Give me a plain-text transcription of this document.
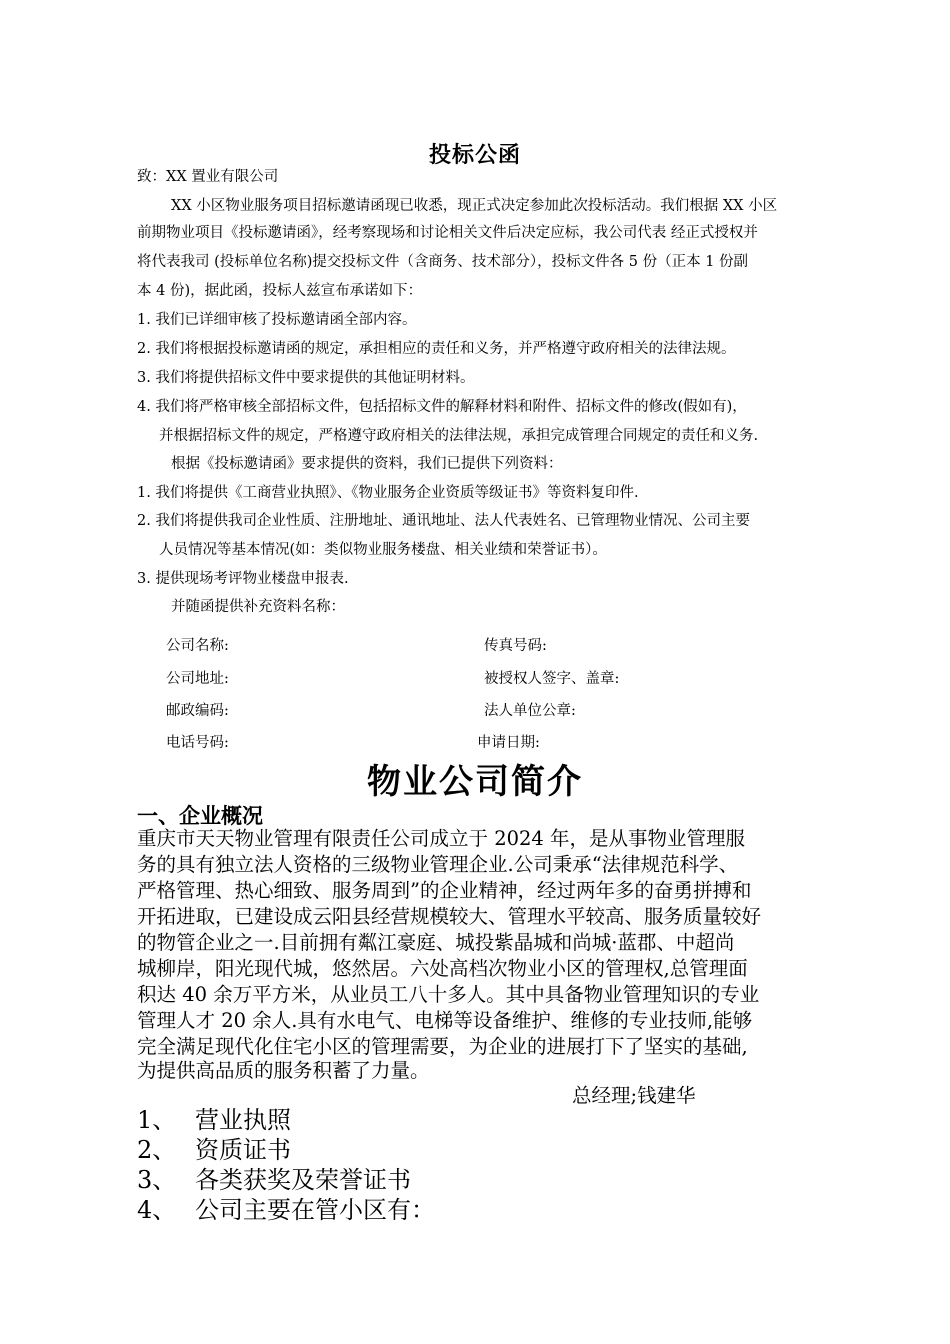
投标公函
致：XX 置业有限公司
XX 小区物业服务项目招标邀请函现已收悉，现正式决定参加此次投标活动。我们根据 XX 小区
前期物业项目《投标邀请函》，经考察现场和讨论相关文件后决定应标，我公司代表 经正式授权并
将代表我司 (投标单位名称)提交投标文件（含商务、技术部分），投标文件各 5 份（正本 1 份副
本 4 份)，据此函，投标人兹宣布承诺如下：
1. 我们已详细审核了投标邀请函全部内容。
2. 我们将根据投标邀请函的规定，承担相应的责任和义务，并严格遵守政府相关的法律法规。
3. 我们将提供招标文件中要求提供的其他证明材料。
4. 我们将严格审核全部招标文件，包括招标文件的解释材料和附件、招标文件的修改(假如有)，
并根据招标文件的规定，严格遵守政府相关的法律法规，承担完成管理合同规定的责任和义务.
根据《投标邀请函》要求提供的资料，我们已提供下列资料：
1. 我们将提供《工商营业执照》、《物业服务企业资质等级证书》等资料复印件.
2. 我们将提供我司企业性质、注册地址、通讯地址、法人代表姓名、已管理物业情况、公司主要
人员情况等基本情况(如：类似物业服务楼盘、相关业绩和荣誉证书）。
3. 提供现场考评物业楼盘申报表.
并随函提供补充资料名称：
公司名称:	传真号码:
公司地址:	被授权人签字、盖章:
邮政编码:	法人单位公章:
电话号码:	申请日期:
物业公司简介
一、企业概况
重庆市天天物业管理有限责任公司成立于 2024 年，是从事物业管理服
务的具有独立法人资格的三级物业管理企业.公司秉承“法律规范科学、
严格管理、热心细致、服务周到”的企业精神，经过两年多的奋勇拼搏和
开拓进取，已建设成云阳县经营规模较大、管理水平较高、服务质量较好
的物管企业之一.目前拥有粼江豪庭、城投紫晶城和尚城·蓝郡、中超尚
城柳岸，阳光现代城，悠然居。六处高档次物业小区的管理权,总管理面
积达 40 余万平方米，从业员工八十多人。其中具备物业管理知识的专业
管理人才 20 余人.具有水电气、电梯等设备维护、维修的专业技师,能够
完全满足现代化住宅小区的管理需要，为企业的进展打下了坚实的基础,
为提供高品质的服务积蓄了力量。
总经理;钱建华
1、 营业执照
2、 资质证书
3、 各类获奖及荣誉证书
4、 公司主要在管小区有：
